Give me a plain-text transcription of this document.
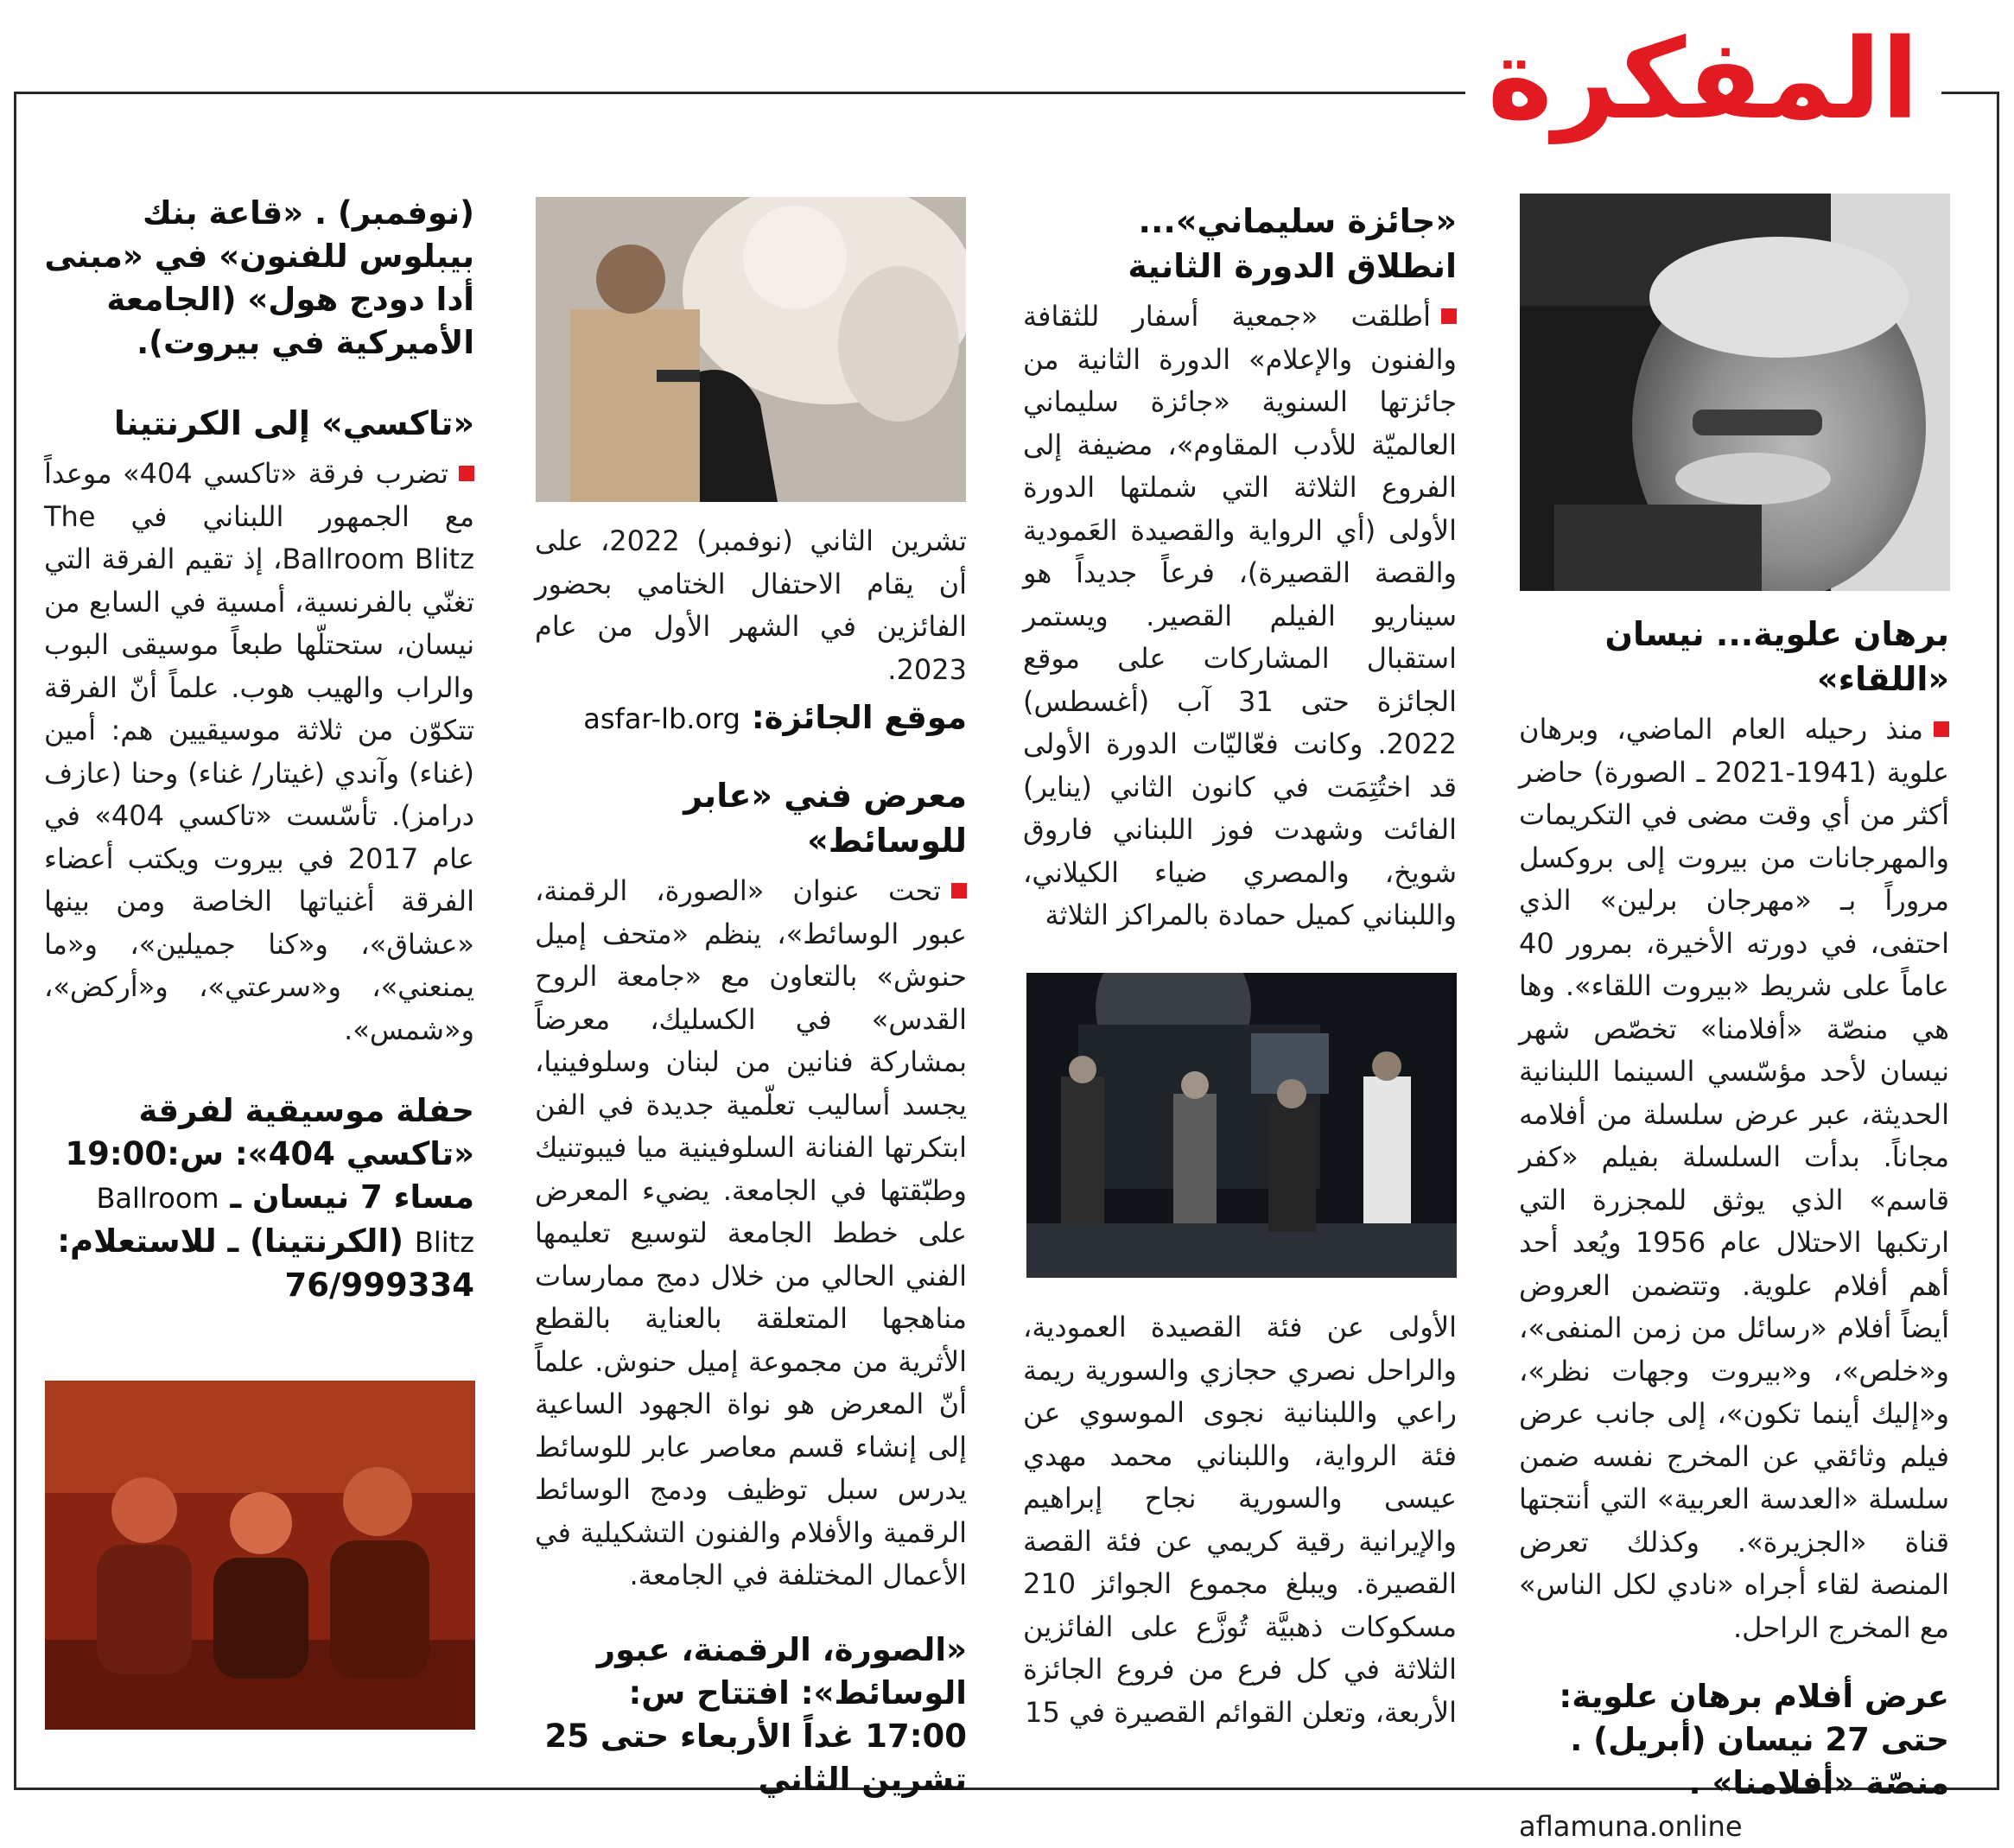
المفكرة
برهان علوية... نيسان «اللقاء»

منذ رحيله العام الماضي، وبرهان علوية (1941-2021 ـ الصورة) حاضر أكثر من أي وقت مضى في التكريمات والمهرجانات من بيروت إلى بروكسل مروراً بـ «مهرجان برلين» الذي احتفى، في دورته الأخيرة، بمرور 40 عاماً على شريط «بيروت اللقاء». وها هي منصّة «أفلامنا» تخصّص شهر نيسان لأحد مؤسّسي السينما اللبنانية الحديثة، عبر عرض سلسلة من أفلامه مجاناً. بدأت السلسلة بفيلم «كفر قاسم» الذي يوثق للمجزرة التي ارتكبها الاحتلال عام 1956 ويُعد أحد أهم أفلام علوية. وتتضمن العروض أيضاً أفلام «رسائل من زمن المنفى»، و«خلص»، و«بيروت وجهات نظر»، و«إليك أينما تكون»، إلى جانب عرض فيلم وثائقي عن المخرج نفسه ضمن سلسلة «العدسة العربية» التي أنتجتها قناة «الجزيرة». وكذلك تعرض المنصة لقاء أجراه «نادي لكل الناس» مع المخرج الراحل.

عرض أفلام برهان علوية: حتى 27 نيسان (أبريل) . منصّة «أفلامنا» .

aflamuna.online
«جائزة سليماني»... انطلاق الدورة الثانية

أطلقت «جمعية أسفار للثقافة والفنون والإعلام» الدورة الثانية من جائزتها السنوية «جائزة سليماني العالميّة للأدب المقاوم»، مضيفة إلى الفروع الثلاثة التي شملتها الدورة الأولى (أي الرواية والقصيدة العَمودية والقصة القصيرة)، فرعاً جديداً هو سيناريو الفيلم القصير. ويستمر استقبال المشاركات على موقع الجائزة حتى 31 آب (أغسطس) 2022. وكانت فعّاليّات الدورة الأولى قد اختُتِمَت في كانون الثاني (يناير) الفائت وشهدت فوز اللبناني فاروق شويخ، والمصري ضياء الكيلاني، واللبناني كميل حمادة بالمراكز الثلاثة

الأولى عن فئة القصيدة العمودية، والراحل نصري حجازي والسورية ريمة راعي واللبنانية نجوى الموسوي عن فئة الرواية، واللبناني محمد مهدي عيسى والسورية نجاح إبراهيم والإيرانية رقية كريمي عن فئة القصة القصيرة. ويبلغ مجموع الجوائز 210 مسكوكات ذهبيَّة تُوزَّع على الفائزين الثلاثة في كل فرع من فروع الجائزة الأربعة، وتعلن القوائم القصيرة في 15

تشرين الثاني (نوفمبر) 2022، على أن يقام الاحتفال الختامي بحضور الفائزين في الشهر الأول من عام 2023.

موقع الجائزة: asfar-lb.org

معرض فني «عابر للوسائط»

تحت عنوان «الصورة، الرقمنة، عبور الوسائط»، ينظم «متحف إميل حنوش» بالتعاون مع «جامعة الروح القدس» في الكسليك، معرضاً بمشاركة فنانين من لبنان وسلوفينيا، يجسد أساليب تعلّمية جديدة في الفن ابتكرتها الفنانة السلوفينية ميا فيبوتنيك وطبّقتها في الجامعة. يضيء المعرض على خطط الجامعة لتوسيع تعليمها الفني الحالي من خلال دمج ممارسات مناهجها المتعلقة بالعناية بالقطع الأثرية من مجموعة إميل حنوش. علماً أنّ المعرض هو نواة الجهود الساعية إلى إنشاء قسم معاصر عابر للوسائط يدرس سبل توظيف ودمج الوسائط الرقمية والأفلام والفنون التشكيلية في الأعمال المختلفة في الجامعة.

«الصورة، الرقمنة، عبور الوسائط»: افتتاح س: 17:00 غداً الأربعاء حتى 25 تشرين الثاني

(نوفمبر) . «قاعة بنك بيبلوس للفنون» في «مبنى أدا دودج هول» (الجامعة الأميركية في بيروت).

«تاكسي» إلى الكرنتينا

تضرب فرقة «تاكسي 404» موعداً مع الجمهور اللبناني في The Ballroom Blitz، إذ تقيم الفرقة التي تغنّي بالفرنسية، أمسية في السابع من نيسان، ستحتلّها طبعاً موسيقى البوب والراب والهيب هوب. علماً أنّ الفرقة تتكوّن من ثلاثة موسيقيين هم: أمين (غناء) وآندي (غيتار/ غناء) وحنا (عازف درامز). تأسّست «تاكسي 404» في عام 2017 في بيروت ويكتب أعضاء الفرقة أغنياتها الخاصة ومن بينها «عشاق»، و«كنا جميلين»، و«ما يمنعني»، و«سرعتي»، و«أركض»، و«شمس».

حفلة موسيقية لفرقة «تاكسي 404»: س:19:00 مساء 7 نيسان ـ Ballroom Blitz (الكرنتينا) ـ للاستعلام: 76/999334
